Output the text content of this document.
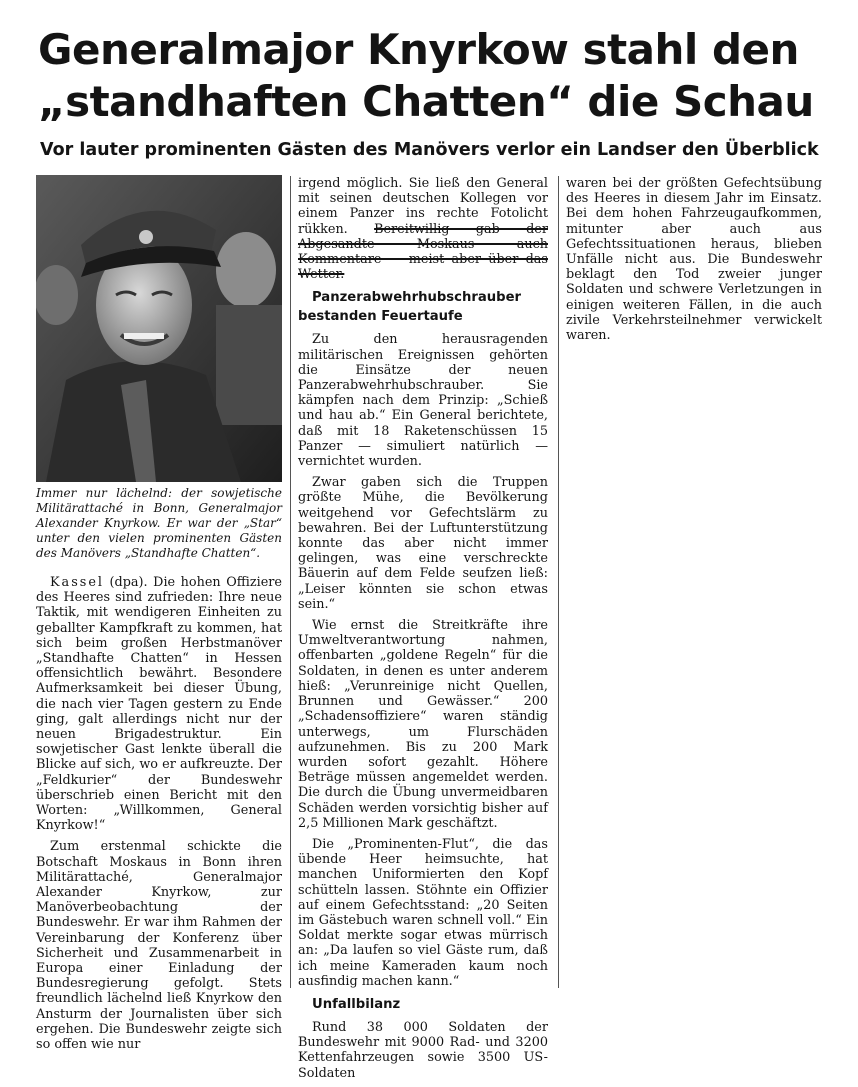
Generalmajor Knyrkow stahl den
„standhaften Chatten“ die Schau
Vor lauter prominenten Gästen des Manövers verlor ein Landser den Überblick

Immer nur lächelnd: der sowjetische Militärattaché in Bonn, Generalmajor Alexander Knyrkow. Er war der „Star“ unter den vielen prominenten Gästen des Manövers „Standhafte Chatten“.

Kassel (dpa). Die hohen Offiziere des Heeres sind zufrieden: Ihre neue Taktik, mit wendigeren Einheiten zu geballter Kampfkraft zu kommen, hat sich beim großen Herbstmanöver „Standhafte Chatten“ in Hessen offensichtlich bewährt. Besondere Aufmerksamkeit bei dieser Übung, die nach vier Tagen gestern zu Ende ging, galt allerdings nicht nur der neuen Brigadestruktur. Ein sowjetischer Gast lenkte überall die Blicke auf sich, wo er aufkreuzte. Der „Feldkurier“ der Bundeswehr überschrieb einen Bericht mit den Worten: „Willkommen, General Knyrkow!“

Zum erstenmal schickte die Botschaft Moskaus in Bonn ihren Militärattaché, Generalmajor Alexander Knyrkow, zur Manöverbeobachtung der Bundeswehr. Er war ihm Rahmen der Vereinbarung der Konferenz über Sicherheit und Zusammenarbeit in Europa einer Einladung der Bundesregierung gefolgt. Stets freundlich lächelnd ließ Knyrkow den Ansturm der Journalisten über sich ergehen. Die Bundeswehr zeigte sich so offen wie nur

irgend möglich. Sie ließ den General mit seinen deutschen Kollegen vor einem Panzer ins rechte Fotolicht rükken. Bereitwillig gab der Abgesandte Moskaus auch Kommentare — meist aber über das Wetter.

Panzerabwehrhubschrauber bestanden Feuertaufe

Zu den herausragenden militärischen Ereignissen gehörten die Einsätze der neuen Panzerabwehrhubschrauber. Sie kämpfen nach dem Prinzip: „Schieß und hau ab.“ Ein General berichtete, daß mit 18 Raketenschüssen 15 Panzer — simuliert natürlich — vernichtet wurden.

Zwar gaben sich die Truppen größte Mühe, die Bevölkerung weitgehend vor Gefechtslärm zu bewahren. Bei der Luftunterstützung konnte das aber nicht immer gelingen, was eine verschreckte Bäuerin auf dem Felde seufzen ließ: „Leiser könnten sie schon etwas sein.“

Wie ernst die Streitkräfte ihre Umweltverantwortung nahmen, offenbarten „goldene Regeln“ für die Soldaten, in denen es unter anderem hieß: „Verunreinige nicht Quellen, Brunnen und Gewässer.“ 200 „Schadensoffiziere“ waren ständig unterwegs, um Flurschäden aufzunehmen. Bis zu 200 Mark wurden sofort gezahlt. Höhere Beträge müssen angemeldet werden. Die durch die Übung unvermeidbaren Schäden werden vorsichtig bisher auf 2,5 Millionen Mark geschäftzt.

Die „Prominenten-Flut“, die das übende Heer heimsuchte, hat manchen Uniformierten den Kopf schütteln lassen. Stöhnte ein Offizier auf einem Gefechtsstand: „20 Seiten im Gästebuch waren schnell voll.“ Ein Soldat merkte sogar etwas mürrisch an: „Da laufen so viel Gäste rum, daß ich meine Kameraden kaum noch ausfindig machen kann.“

Unfallbilanz

Rund 38 000 Soldaten der Bundeswehr mit 9000 Rad- und 3200 Kettenfahrzeugen sowie 3500 US-Soldaten

waren bei der größten Gefechtsübung des Heeres in diesem Jahr im Einsatz. Bei dem hohen Fahrzeugaufkommen, mitunter aber auch aus Gefechtssituationen heraus, blieben Unfälle nicht aus. Die Bundeswehr beklagt den Tod zweier junger Soldaten und schwere Verletzungen in einigen weiteren Fällen, in die auch zivile Verkehrsteilnehmer verwickelt waren.
